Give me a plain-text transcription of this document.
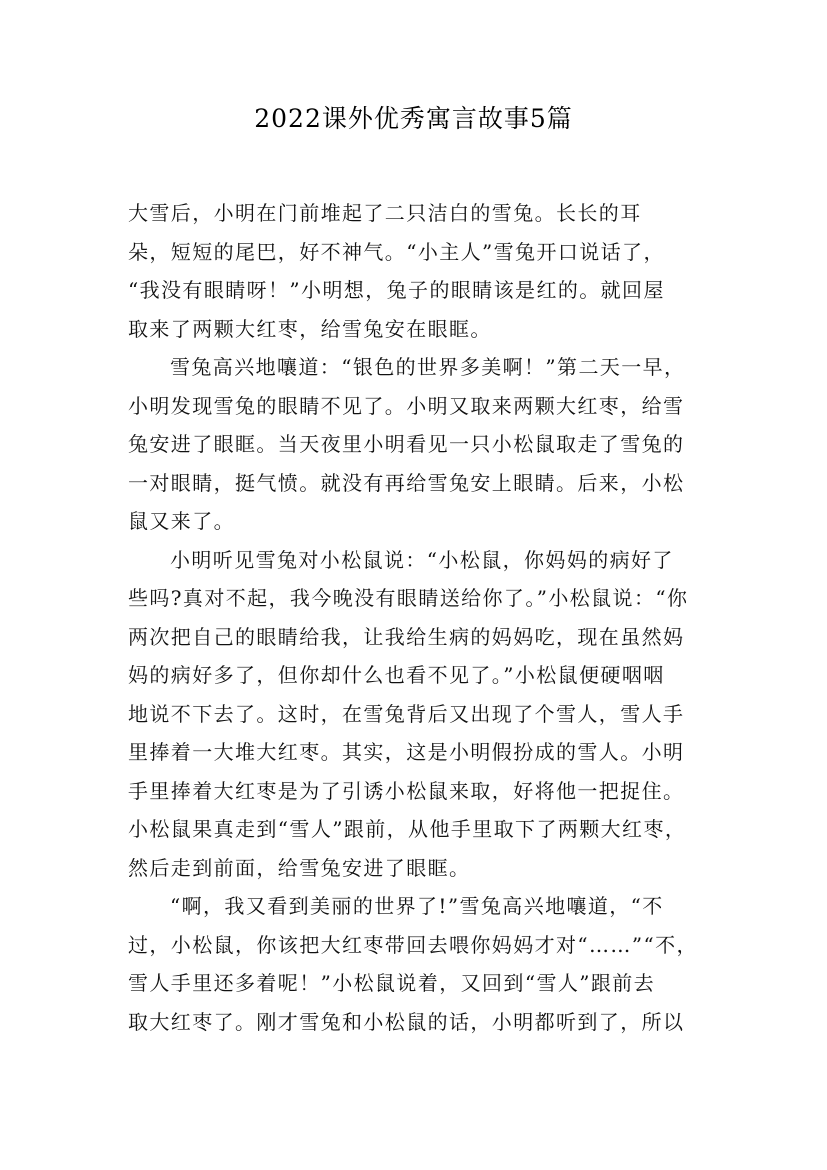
2022课外优秀寓言故事5篇
大雪后，小明在门前堆起了二只洁白的雪兔。长长的耳
朵，短短的尾巴，好不神气。“小主人”雪兔开口说话了，
“我没有眼睛呀！”小明想，兔子的眼睛该是红的。就回屋
取来了两颗大红枣，给雪兔安在眼眶。
雪兔高兴地嚷道：“银色的世界多美啊！”第二天一早，
小明发现雪兔的眼睛不见了。小明又取来两颗大红枣，给雪
兔安进了眼眶。当天夜里小明看见一只小松鼠取走了雪兔的
一对眼睛，挺气愤。就没有再给雪兔安上眼睛。后来，小松
鼠又来了。
小明听见雪兔对小松鼠说：“小松鼠，你妈妈的病好了
些吗?真对不起，我今晚没有眼睛送给你了。”小松鼠说：“你
两次把自己的眼睛给我，让我给生病的妈妈吃，现在虽然妈
妈的病好多了，但你却什么也看不见了。”小松鼠便硬咽咽
地说不下去了。这时，在雪兔背后又出现了个雪人，雪人手
里捧着一大堆大红枣。其实，这是小明假扮成的雪人。小明
手里捧着大红枣是为了引诱小松鼠来取，好将他一把捉住。
小松鼠果真走到“雪人”跟前，从他手里取下了两颗大红枣，
然后走到前面，给雪兔安进了眼眶。
“啊，我又看到美丽的世界了!”雪兔高兴地嚷道，“不
过，小松鼠，你该把大红枣带回去喂你妈妈才对“……”“不，
雪人手里还多着呢！”小松鼠说着，又回到“雪人”跟前去
取大红枣了。刚才雪兔和小松鼠的话，小明都听到了，所以
